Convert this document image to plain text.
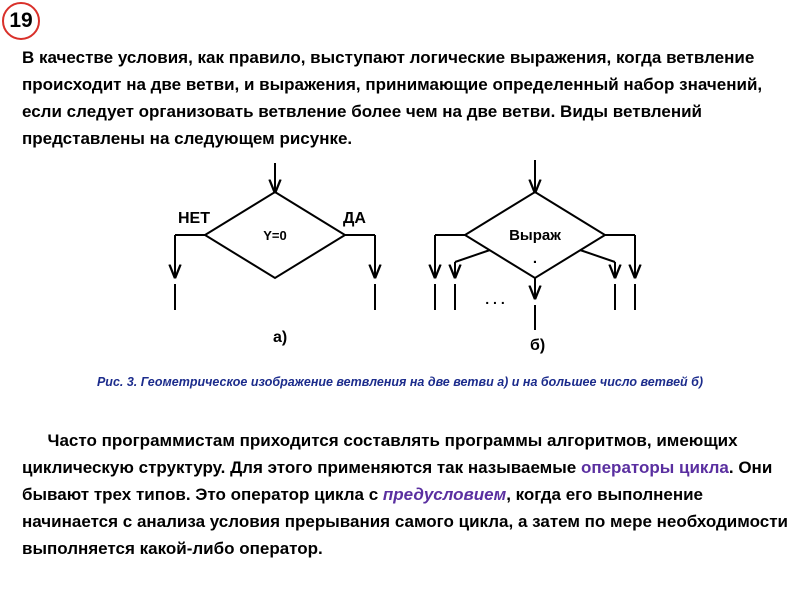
19

В качестве условия, как правило, выступают логические выражения, когда ветвление происходит на две ветви, и выражения, принимающие определенный набор значений, если следует организовать ветвление более чем на две ветви. Виды ветвлений представлены на следующем рисунке.

НЕТ	ДА
Y=0
а)
Выраж
.
. . .
б)

Рис. 3. Геометрическое изображение ветвления на две ветви а) и на большее число ветвей б)

  Часто программистам приходится составлять программы алгоритмов, имеющих циклическую структуру. Для этого применяются так называемые операторы цикла. Они бывают трех типов. Это оператор цикла с предусловием, когда его выполнение начинается с анализа условия прерывания самого цикла, а затем по мере необходимости выполняется какой-либо оператор.
